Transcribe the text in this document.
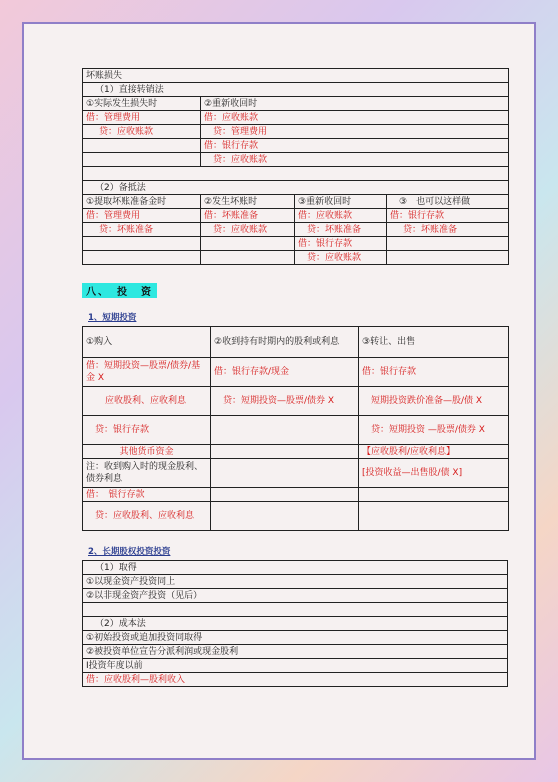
坏账损失			
（1）直接转销法			
①实际发生损失时	②重新收回时		
借：管理费用	借：应收账款		
贷：应收账款	贷：管理费用		
	借：银行存款		
	贷：应收账款		

（2）备抵法			
①提取坏账准备金时	②发生坏账时	③重新收回时	③　也可以这样做
借：管理费用	借：坏账准备	借：应收账款	借：银行存款
贷：坏账准备	贷：应收账款	贷：坏账准备	贷：坏账准备
		借：银行存款	
		贷：应收账款	
八、　投　资
1、短期投资
①购入	②收到持有时期内的股利或利息	③转让、出售
借：短期投资—股票/债券/基金 X	借：银行存款/现金	借：银行存款
应收股利、应收利息	贷：短期投资—股票/债券 X	短期投资跌价准备—股/债 X
贷：银行存款		贷：短期投资 —股票/债券 X
其他货币资金		【应收股利/应收利息】
注：收到购入时的现金股利、债券利息		[投资收益—出售股/债 X]
借：　银行存款		
贷：应收股利、应收利息		
2、长期股权投资投资
（1）取得
①以现金资产投资同上
②以非现金资产投资（见后）

（2）成本法
①初始投资或追加投资同取得
②被投资单位宣告分派利润或现金股利
Ⅰ投资年度以前
借：应收股利—股利收入
